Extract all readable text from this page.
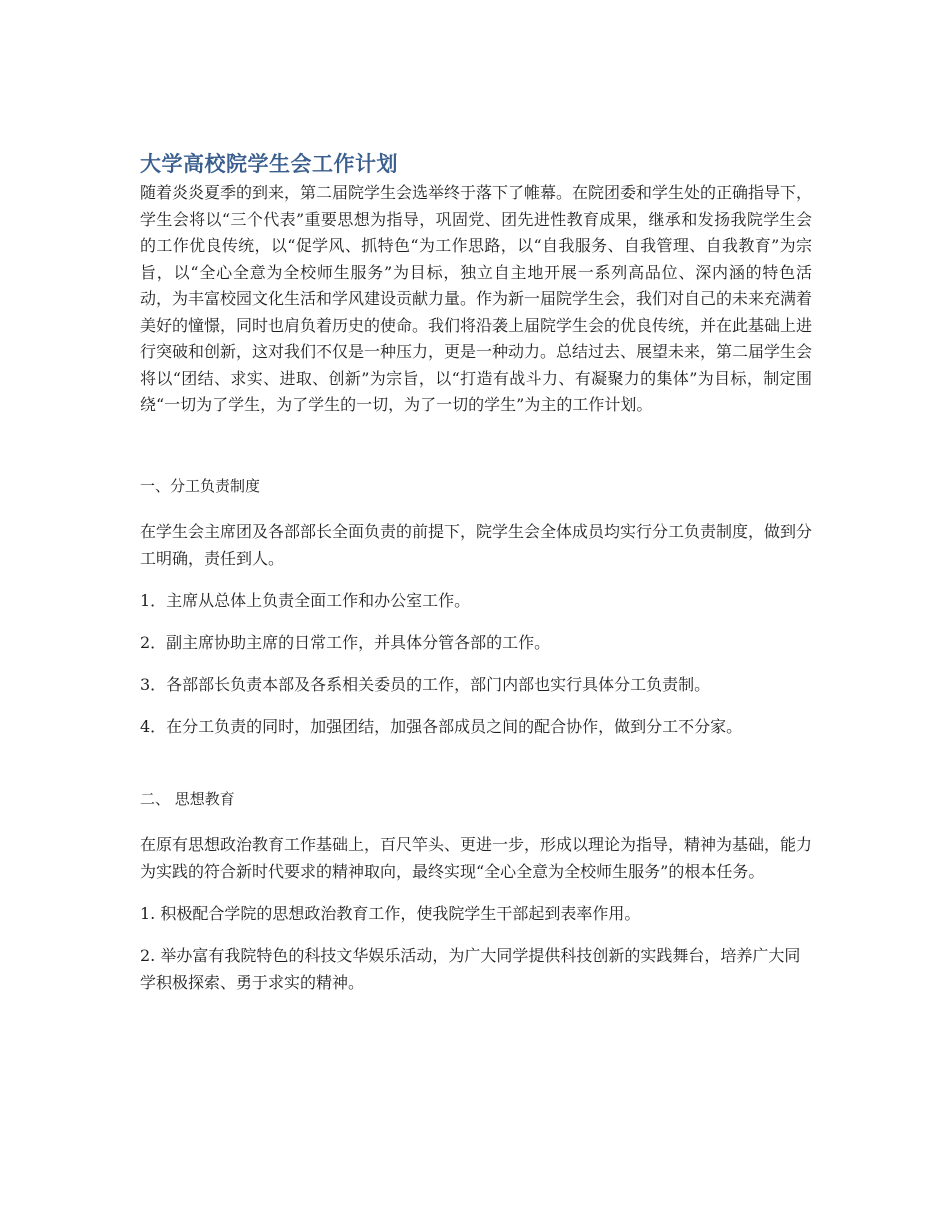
大学高校院学生会工作计划

随着炎炎夏季的到来，第二届院学生会选举终于落下了帷幕。在院团委和学生处的正确指导下，学生会将以“三个代表”重要思想为指导，巩固党、团先进性教育成果，继承和发扬我院学生会的工作优良传统，以“促学风、抓特色“为工作思路，以“自我服务、自我管理、自我教育”为宗旨，以“全心全意为全校师生服务”为目标，独立自主地开展一系列高品位、深内涵的特色活动，为丰富校园文化生活和学风建设贡献力量。作为新一届院学生会，我们对自己的未来充满着美好的憧憬，同时也肩负着历史的使命。我们将沿袭上届院学生会的优良传统，并在此基础上进行突破和创新，这对我们不仅是一种压力，更是一种动力。总结过去、展望未来，第二届学生会将以“团结、求实、进取、创新”为宗旨，以“打造有战斗力、有凝聚力的集体”为目标，制定围绕“一切为了学生，为了学生的一切，为了一切的学生”为主的工作计划。

一、分工负责制度

在学生会主席团及各部部长全面负责的前提下，院学生会全体成员均实行分工负责制度，做到分工明确，责任到人。

1．主席从总体上负责全面工作和办公室工作。

2．副主席协助主席的日常工作，并具体分管各部的工作。

3．各部部长负责本部及各系相关委员的工作，部门内部也实行具体分工负责制。

4．在分工负责的同时，加强团结，加强各部成员之间的配合协作，做到分工不分家。

二、 思想教育

在原有思想政治教育工作基础上，百尺竿头、更进一步，形成以理论为指导，精神为基础，能力为实践的符合新时代要求的精神取向，最终实现“全心全意为全校师生服务”的根本任务。

1. 积极配合学院的思想政治教育工作，使我院学生干部起到表率作用。

2. 举办富有我院特色的科技文华娱乐活动，为广大同学提供科技创新的实践舞台，培养广大同学积极探索、勇于求实的精神。
